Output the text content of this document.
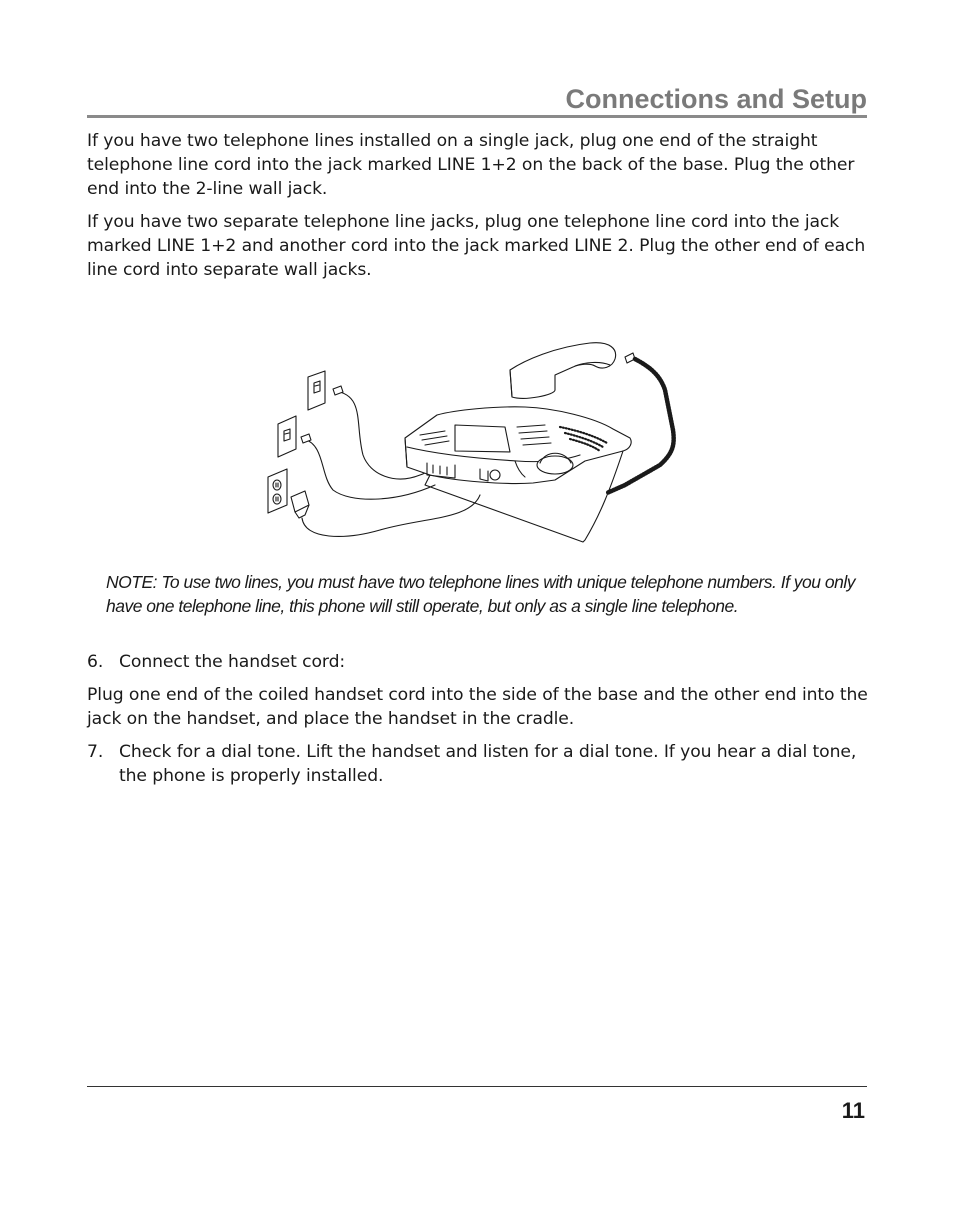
Connections and Setup

If you have two telephone lines installed on a single jack, plug one end of the straight telephone line cord into the jack marked LINE 1+2 on the back of the base. Plug the other end into the 2-line wall jack.

If you have two separate telephone line jacks, plug one telephone line cord into the jack marked LINE 1+2 and another cord into the jack marked LINE 2. Plug the other end of each line cord into separate wall jacks.

NOTE: To use two lines, you must have two telephone lines with unique telephone numbers. If you only have one telephone line, this phone will still operate, but only as a single line telephone.

6. Connect the handset cord:

Plug one end of the coiled handset cord into the side of the base and the other end into the jack on the handset, and place the handset in the cradle.

7. Check for a dial tone. Lift the handset and listen for a dial tone. If you hear a dial tone, the phone is properly installed.
11
